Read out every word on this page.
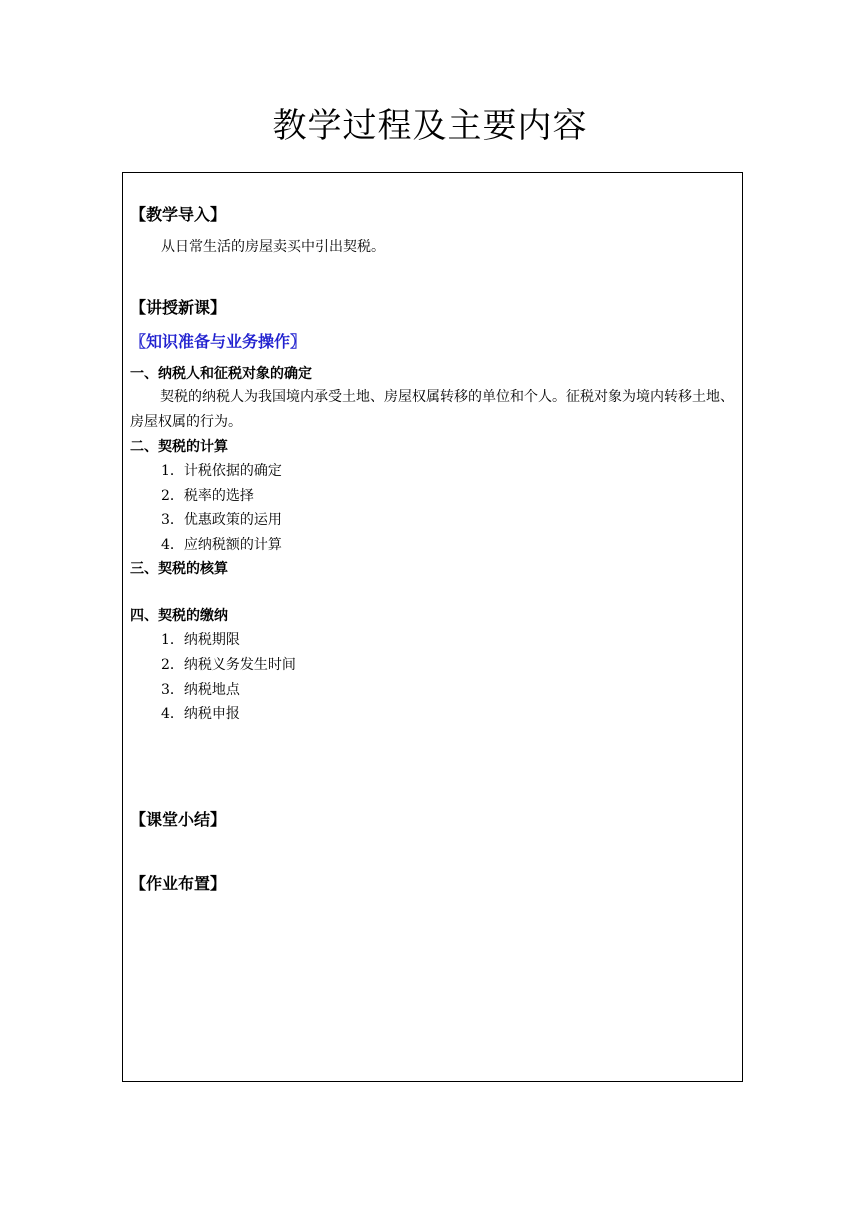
教学过程及主要内容
【教学导入】
从日常生活的房屋卖买中引出契税。
【讲授新课】
〖知识准备与业务操作〗
一、纳税人和征税对象的确定
契税的纳税人为我国境内承受土地、房屋权属转移的单位和个人。征税对象为境内转移土地、房屋权属的行为。
二、契税的计算
1．计税依据的确定
2．税率的选择
3．优惠政策的运用
4．应纳税额的计算
三、契税的核算
四、契税的缴纳
1．纳税期限
2．纳税义务发生时间
3．纳税地点
4．纳税申报
【课堂小结】
【作业布置】
